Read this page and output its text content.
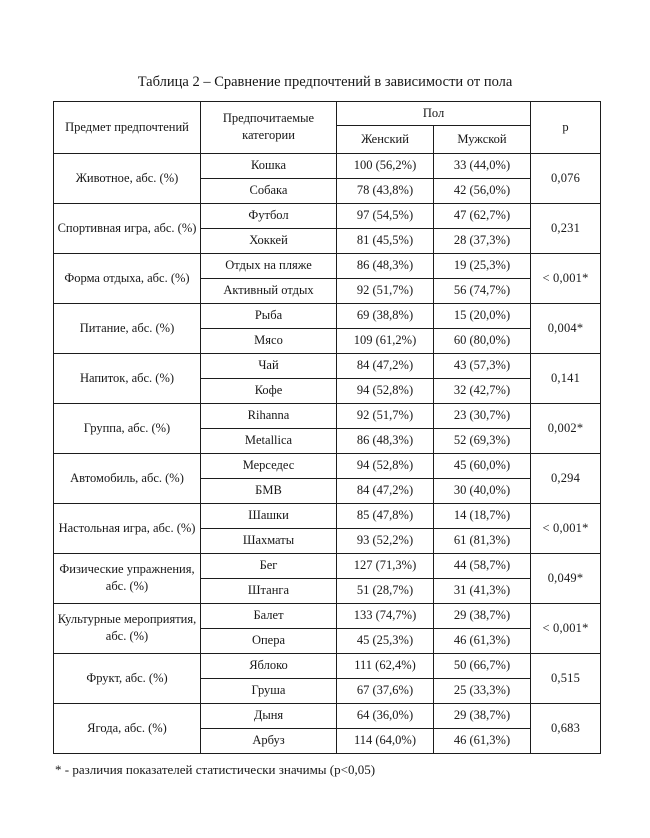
Таблица 2 – Сравнение предпочтений в зависимости от пола
Предмет предпочтений	Предпочитаемые категории	Пол		p
		Женский	Мужской	
Животное, абс. (%)	Кошка	100 (56,2%)	33 (44,0%)	0,076
	Собака	78 (43,8%)	42 (56,0%)	
Спортивная игра, абс. (%)	Футбол	97 (54,5%)	47 (62,7%)	0,231
	Хоккей	81 (45,5%)	28 (37,3%)	
Форма отдыха, абс. (%)	Отдых на пляже	86 (48,3%)	19 (25,3%)	< 0,001*
	Активный отдых	92 (51,7%)	56 (74,7%)	
Питание, абс. (%)	Рыба	69 (38,8%)	15 (20,0%)	0,004*
	Мясо	109 (61,2%)	60 (80,0%)	
Напиток, абс. (%)	Чай	84 (47,2%)	43 (57,3%)	0,141
	Кофе	94 (52,8%)	32 (42,7%)	
Группа, абс. (%)	Rihanna	92 (51,7%)	23 (30,7%)	0,002*
	Metallica	86 (48,3%)	52 (69,3%)	
Автомобиль, абс. (%)	Мерседес	94 (52,8%)	45 (60,0%)	0,294
	БМВ	84 (47,2%)	30 (40,0%)	
Настольная игра, абс. (%)	Шашки	85 (47,8%)	14 (18,7%)	< 0,001*
	Шахматы	93 (52,2%)	61 (81,3%)	
Физические упражнения, абс. (%)	Бег	127 (71,3%)	44 (58,7%)	0,049*
	Штанга	51 (28,7%)	31 (41,3%)	
Культурные мероприятия, абс. (%)	Балет	133 (74,7%)	29 (38,7%)	< 0,001*
	Опера	45 (25,3%)	46 (61,3%)	
Фрукт, абс. (%)	Яблоко	111 (62,4%)	50 (66,7%)	0,515
	Груша	67 (37,6%)	25 (33,3%)	
Ягода, абс. (%)	Дыня	64 (36,0%)	29 (38,7%)	0,683
	Арбуз	114 (64,0%)	46 (61,3%)	
* - различия показателей статистически значимы (p<0,05)
